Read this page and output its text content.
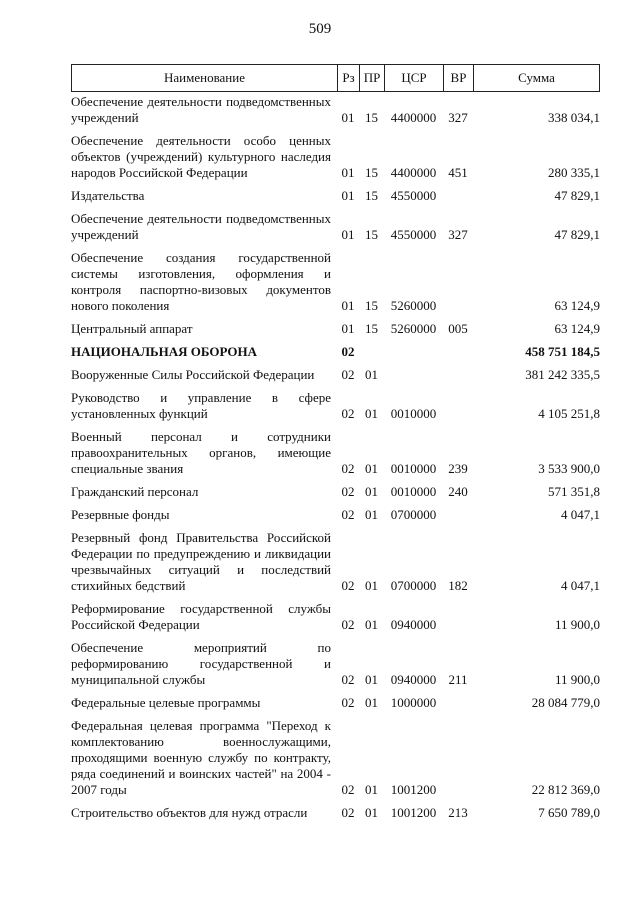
509
Наименование	Рз ПР	ЦСР	ВР	Сумма
Обеспечение деятельности подведомственных учреждений	01 15 4400000 327	338 034,1
Обеспечение деятельности особо ценных объектов (учреждений) культурного наследия народов Российской Федерации	01 15 4400000 451	280 335,1
Издательства	01 15 4550000	47 829,1
Обеспечение деятельности подведомственных учреждений	01 15 4550000 327	47 829,1
Обеспечение создания государственной системы изготовления, оформления и контроля паспортно-визовых документов нового поколения	01 15 5260000	63 124,9
Центральный аппарат	01 15 5260000 005	63 124,9
НАЦИОНАЛЬНАЯ ОБОРОНА	02	458 751 184,5
Вооруженные Силы Российской Федерации	02 01	381 242 335,5
Руководство и управление в сфере установленных функций	02 01 0010000	4 105 251,8
Военный персонал и сотрудники правоохранительных органов, имеющие специальные звания	02 01 0010000 239	3 533 900,0
Гражданский персонал	02 01 0010000 240	571 351,8
Резервные фонды	02 01 0700000	4 047,1
Резервный фонд Правительства Российской Федерации по предупреждению и ликвидации чрезвычайных ситуаций и последствий стихийных бедствий	02 01 0700000 182	4 047,1
Реформирование государственной службы Российской Федерации	02 01 0940000	11 900,0
Обеспечение мероприятий по реформированию государственной и муниципальной службы	02 01 0940000 211	11 900,0
Федеральные целевые программы	02 01 1000000	28 084 779,0
Федеральная целевая программа "Переход к комплектованию военнослужащими, проходящими военную службу по контракту, ряда соединений и воинских частей" на 2004 - 2007 годы	02 01 1001200	22 812 369,0
Строительство объектов для нужд отрасли	02 01 1001200 213	7 650 789,0
